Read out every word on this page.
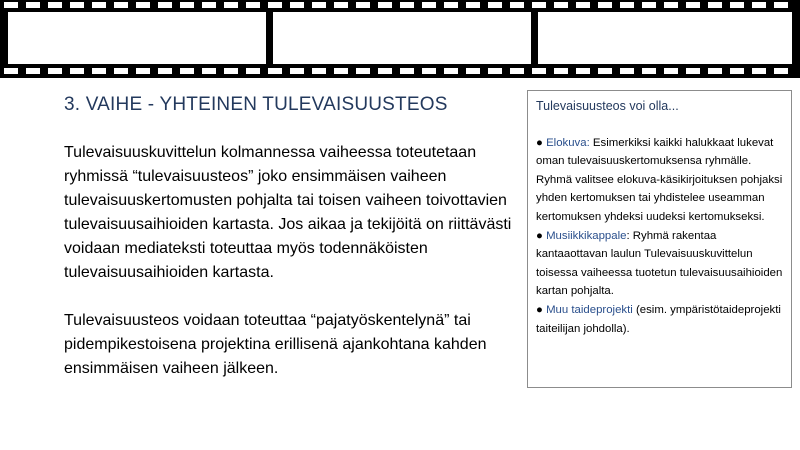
3. VAIHE - YHTEINEN TULEVAISUUSTEOS

Tulevaisuuskuvittelun kolmannessa vaiheessa toteutetaan ryhmissä “tulevaisuusteos” joko ensimmäisen vaiheen tulevaisuuskertomusten pohjalta tai toisen vaiheen toivottavien tulevaisuusaihioiden kartasta. Jos aikaa ja tekijöitä on riittävästi voidaan mediateksti toteuttaa myös todennäköisten tulevaisuusaihioiden kartasta.

Tulevaisuusteos voidaan toteuttaa “pajatyöskentelynä” tai pidempikestoisena projektina erillisenä ajankohtana kahden ensimmäisen vaiheen jälkeen.

Tulevaisuusteos voi olla...

● Elokuva: Esimerkiksi kaikki halukkaat lukevat oman tulevaisuuskertomuksensa ryhmälle. Ryhmä valitsee elokuva-käsikirjoituksen pohjaksi yhden kertomuksen tai yhdistelee useamman kertomuksen yhdeksi uudeksi kertomukseksi.

● Musiikkikappale: Ryhmä rakentaa kantaaottavan laulun Tulevaisuuskuvittelun toisessa vaiheessa tuotetun tulevaisuusaihioiden kartan pohjalta.

● Muu taideprojekti (esim. ympäristötaideprojekti taiteilijan johdolla).
